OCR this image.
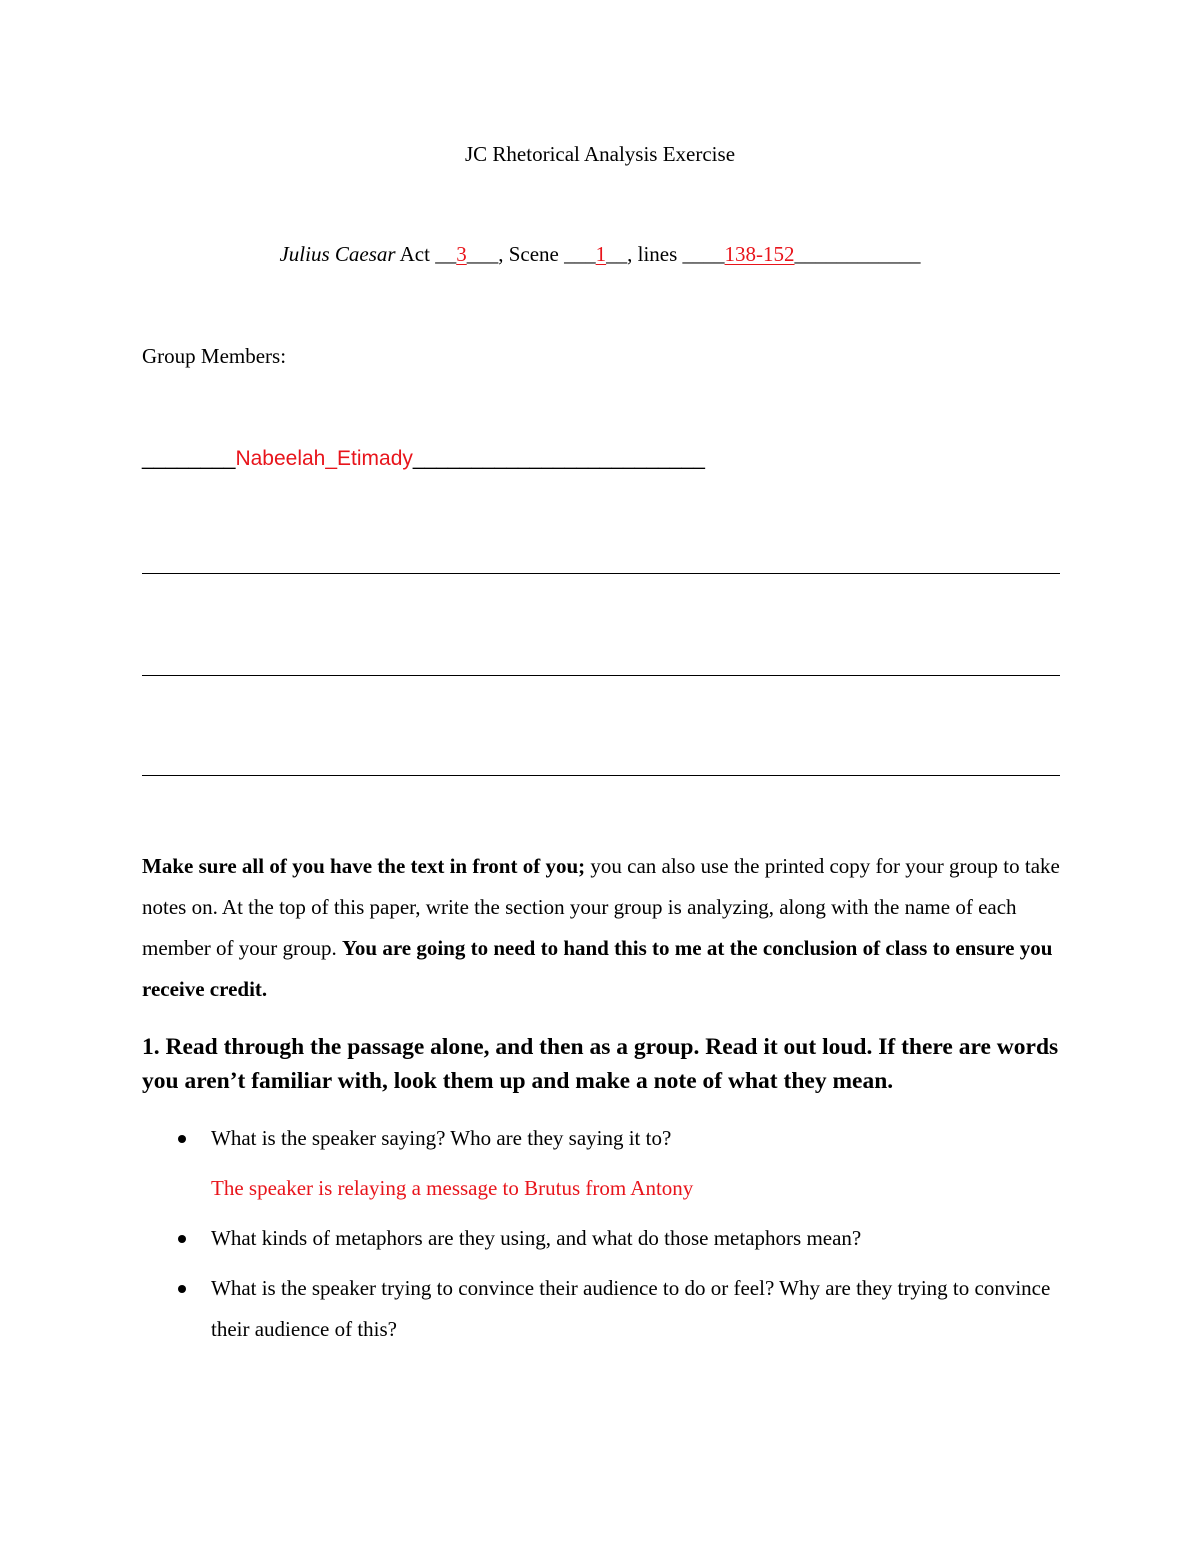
JC Rhetorical Analysis Exercise
Julius Caesar Act __3___, Scene ___1__, lines ____138-152____________
Group Members:
________Nabeelah_Etimady_________________________
Make sure all of you have the text in front of you; you can also use the printed copy for your group to take notes on. At the top of this paper, write the section your group is analyzing, along with the name of each member of your group. You are going to need to hand this to me at the conclusion of class to ensure you receive credit.
1. Read through the passage alone, and then as a group. Read it out loud. If there are words you aren’t familiar with, look them up and make a note of what they mean.
What is the speaker saying? Who are they saying it to?
The speaker is relaying a message to Brutus from Antony
What kinds of metaphors are they using, and what do those metaphors mean?
What is the speaker trying to convince their audience to do or feel? Why are they trying to convince their audience of this?
